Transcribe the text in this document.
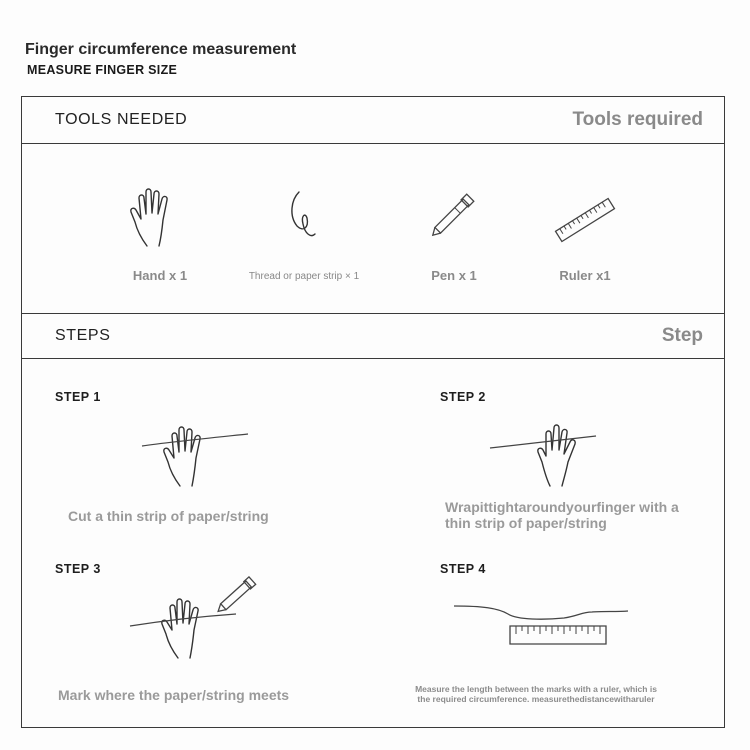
Finger circumference measurement
MEASURE FINGER SIZE
TOOLS NEEDED	Tools required
Hand x 1	Thread or paper strip × 1	Pen x 1	Ruler x1
STEPS	Step
STEP 1
Cut a thin strip of paper/string
STEP 2
Wrapittightaroundyourfinger with a
thin strip of paper/string
STEP 3
Mark where the paper/string meets
STEP 4
Measure the length between the marks with a ruler, which is
the required circumference. measurethedistancewitharuler
